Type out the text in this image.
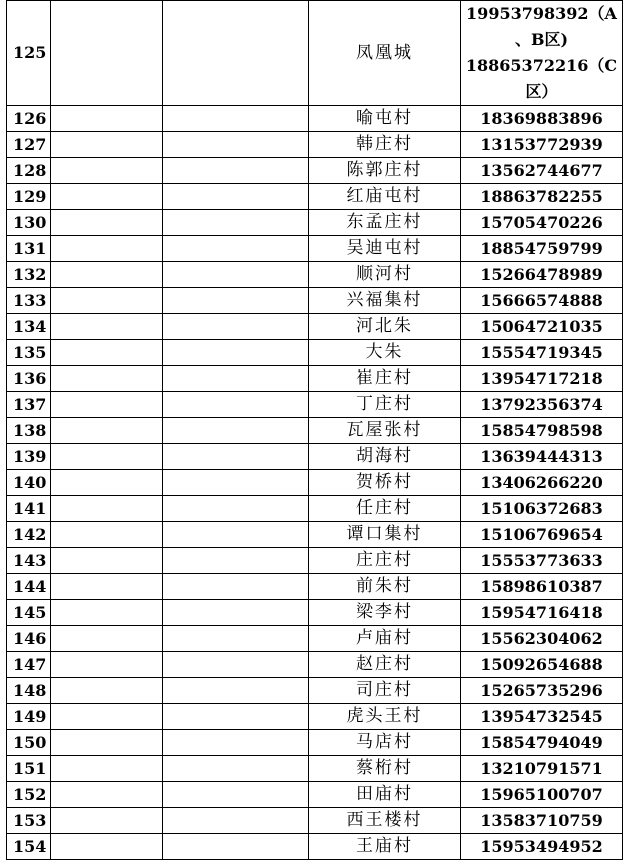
125			凤凰城	19953798392（A
、B区)
18865372216（C
区）

126			喻屯村	18369883896
127			韩庄村	13153772939
128			陈郭庄村	13562744677
129			红庙屯村	18863782255
130			东孟庄村	15705470226
131			吴迪屯村	18854759799
132			顺河村	15266478989
133			兴福集村	15666574888
134			河北朱	15064721035
135			大朱	15554719345
136			崔庄村	13954717218
137			丁庄村	13792356374
138			瓦屋张村	15854798598
139			胡海村	13639444313
140			贺桥村	13406266220
141			任庄村	15106372683
142			谭口集村	15106769654
143			庄庄村	15553773633
144			前朱村	15898610387
145			梁李村	15954716418
146			卢庙村	15562304062
147			赵庄村	15092654688
148			司庄村	15265735296
149			虎头王村	13954732545
150			马店村	15854794049
151			蔡桁村	13210791571
152			田庙村	15965100707
153			西王楼村	13583710759
154			王庙村	15953494952
